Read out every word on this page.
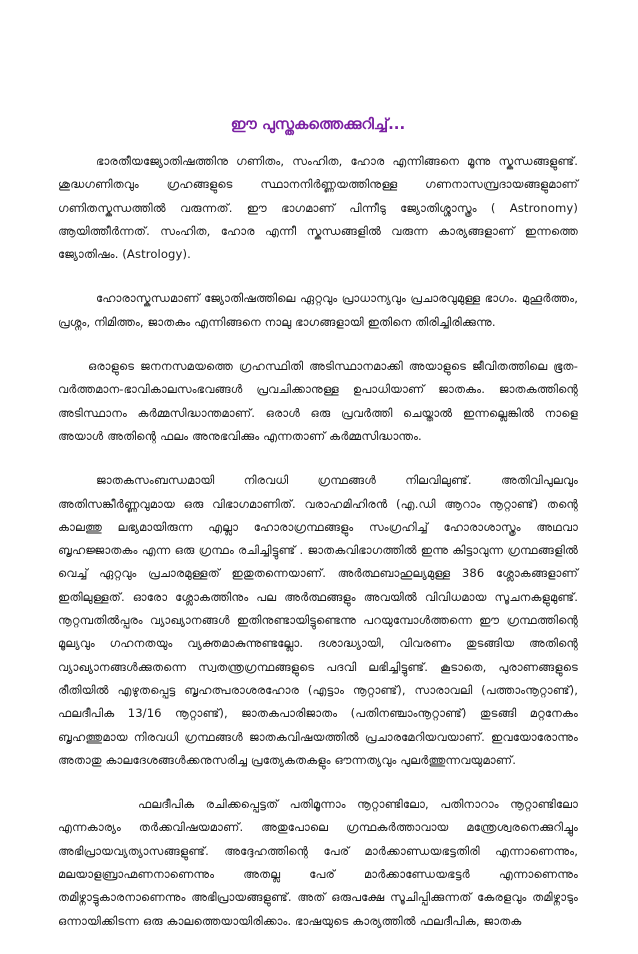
ഈ പുസ്തകത്തെക്കുറിച്ച്...

ഭാരതീയജ്യോതിഷത്തിനു ഗണിതം, സംഹിത, ഹോര എന്നിങ്ങനെ മൂന്നു സ്കന്ധങ്ങളുണ്ട്. ശുദ്ധഗണിതവും ഗ്രഹങ്ങളുടെ സ്ഥാനനിർണ്ണയത്തിനുള്ള ഗണനാസമ്പ്രദായങ്ങളുമാണ് ഗണിതസ്കന്ധത്തിൽ വരുന്നത്. ഈ ഭാഗമാണ് പിന്നീടു ജ്യോതിശ്ശാസ്ത്രം ( Astronomy) ആയിത്തീർന്നത്. സംഹിത, ഹോര എന്നീ സ്കന്ധങ്ങളിൽ വരുന്ന കാര്യങ്ങളാണ് ഇന്നത്തെ ജ്യോതിഷം. (Astrology).

ഹോരാസ്കന്ധമാണ് ജ്യോതിഷത്തിലെ ഏറ്റവും പ്രാധാന്യവും പ്രചാരവുമുള്ള ഭാഗം. മുഹൂർത്തം, പ്രശ്നം, നിമിത്തം, ജാതകം എന്നിങ്ങനെ നാലു ഭാഗങ്ങളായി ഇതിനെ തിരിച്ചിരിക്കുന്നു.

ഒരാളുടെ ജനനസമയത്തെ ഗ്രഹസ്ഥിതി അടിസ്ഥാനമാക്കി അയാളുടെ ജീവിതത്തിലെ ഭൂത-വർത്തമാന-ഭാവികാലസംഭവങ്ങൾ പ്രവചിക്കാനുള്ള ഉപാധിയാണ് ജാതകം. ജാതകത്തിന്റെ അടിസ്ഥാനം കർമ്മസിദ്ധാന്തമാണ്. ഒരാൾ ഒരു പ്രവർത്തി ചെയ്താൽ ഇന്നല്ലെങ്കിൽ നാളെ അയാൾ അതിന്റെ ഫലം അനുഭവിക്കും എന്നതാണ് കർമ്മസിദ്ധാന്തം.

ജാതകസംബന്ധമായി നിരവധി ഗ്രന്ഥങ്ങൾ നിലവിലുണ്ട്. അതിവിപുലവും അതിസങ്കീർണ്ണവുമായ ഒരു വിഭാഗമാണിത്. വരാഹമിഹിരൻ (എ.ഡി ആറാം നൂറ്റാണ്ട്) തന്റെ കാലത്തു ലഭ്യമായിരുന്ന എല്ലാ ഹോരാഗ്രന്ഥങ്ങളും സംഗ്രഹിച്ച് ഹോരാശാസ്ത്രം അഥവാ ബൃഹജ്ജാതകം എന്ന ഒരു ഗ്രന്ഥം രചിച്ചിട്ടുണ്ട് . ജാതകവിഭാഗത്തിൽ ഇന്നു കിട്ടാവുന്ന ഗ്രന്ഥങ്ങളിൽ വെച്ച് ഏറ്റവും പ്രചാരമുള്ളത് ഇതുതന്നെയാണ്. അർത്ഥബാഹുല്യമുള്ള 386 ശ്ലോകങ്ങളാണ് ഇതിലുള്ളത്. ഓരോ ശ്ലോകത്തിനും പല അർത്ഥങ്ങളും അവയിൽ വിവിധമായ സൂചനകളുമുണ്ട്. നൂറ്റമ്പതിൽപ്പരം വ്യാഖ്യാനങ്ങൾ ഇതിനുണ്ടായിട്ടുണ്ടെന്നു പറയുമ്പോൾത്തന്നെ ഈ ഗ്രന്ഥത്തിന്റെ മൂല്യവും ഗഹനതയും വ്യക്തമാകുന്നുണ്ടല്ലോ. ദശാദ്ധ്യായി, വിവരണം തുടങ്ങിയ അതിന്റെ വ്യാഖ്യാനങ്ങൾക്കുതന്നെ സ്വതന്ത്രഗ്രന്ഥങ്ങളുടെ പദവി ലഭിച്ചിട്ടുണ്ട്. കൂടാതെ, പുരാണങ്ങളുടെ രീതിയിൽ എഴുതപ്പെട്ട ബൃഹത്പരാശരഹോര (എട്ടാം നൂറ്റാണ്ട്), സാരാവലി (പത്താംനൂറ്റാണ്ട്), ഫലദീപിക 13/16 നൂറ്റാണ്ട്), ജാതകപാരിജാതം (പതിനഞ്ചാംനൂറ്റാണ്ട്) തുടങ്ങി മറ്റനേകം ബൃഹത്തുമായ നിരവധി ഗ്രന്ഥങ്ങൾ ജാതകവിഷയത്തിൽ പ്രചാരമേറിയവയാണ്. ഇവയോരോന്നും അതാതു കാലദേശങ്ങൾക്കനുസരിച്ച പ്രത്യേകതകളും ഔന്നത്യവും പുലർത്തുന്നവയുമാണ്.

ഫലദീപിക രചിക്കപ്പെട്ടത് പതിമൂന്നാം നൂറ്റാണ്ടിലോ, പതിനാറാം നൂറ്റാണ്ടിലോ എന്നകാര്യം തർക്കവിഷയമാണ്. അതുപോലെ ഗ്രന്ഥകർത്താവായ മന്ത്രേശ്വരനെക്കുറിച്ചും അഭിപ്രായവ്യത്യാസങ്ങളുണ്ട്. അദ്ദേഹത്തിന്റെ പേര് മാർക്കാണ്ഡയഭട്ടതിരി എന്നാണെന്നും, മലയാളബ്രാഹ്മണനാണെന്നും അതല്ല പേര് മാർക്കാണ്ഡേയഭട്ടർ എന്നാണെന്നും തമിഴ്നാട്ടുകാരനാണെന്നും അഭിപ്രായങ്ങളുണ്ട്. അത് ഒരുപക്ഷേ സൂചിപ്പിക്കുന്നത് കേരളവും തമിഴ്നാടും ഒന്നായിക്കിടന്ന ഒരു കാലത്തെയായിരിക്കാം. ഭാഷയുടെ കാര്യത്തിൽ ഫലദീപിക, ജാതക
